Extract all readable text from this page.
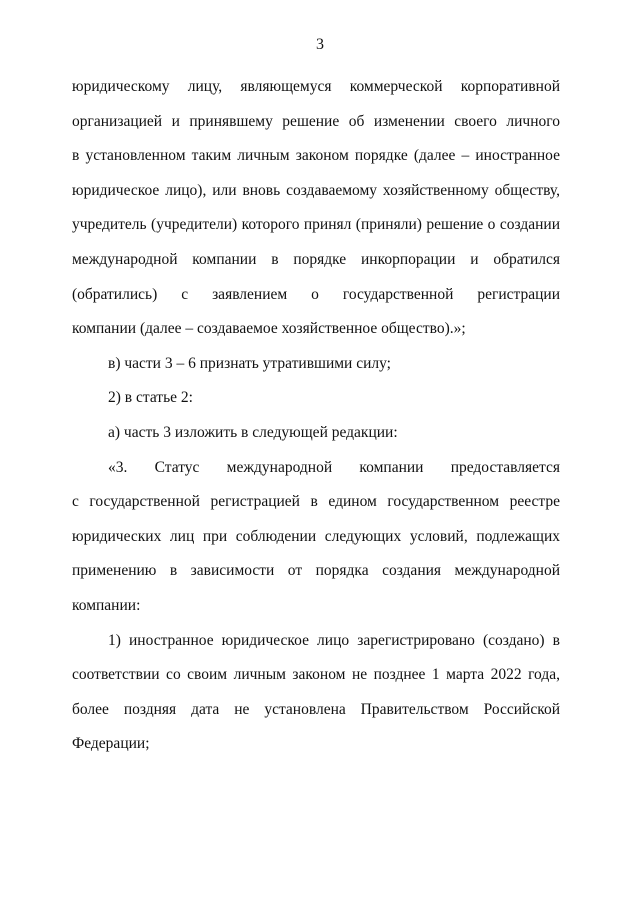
3
юридическому лицу, являющемуся коммерческой корпоративной
организацией и принявшему решение об изменении своего личного
в установленном таким личным законом порядке (далее – иностранное
юридическое лицо), или вновь создаваемому хозяйственному обществу,
учредитель (учредители) которого принял (приняли) решение о создании
международной компании в порядке инкорпорации и обратился
(обратились) с заявлением о государственной регистрации
компании (далее – создаваемое хозяйственное общество).»;
в) части 3 – 6 признать утратившими силу;
2) в статье 2:
а) часть 3 изложить в следующей редакции:
«3. Статус международной компании предоставляется
с государственной регистрацией в едином государственном реестре
юридических лиц при соблюдении следующих условий, подлежащих
применению в зависимости от порядка создания международной
компании:
1) иностранное юридическое лицо зарегистрировано (создано) в
соответствии со своим личным законом не позднее 1 марта 2022 года,
более поздняя дата не установлена Правительством Российской
Федерации;
